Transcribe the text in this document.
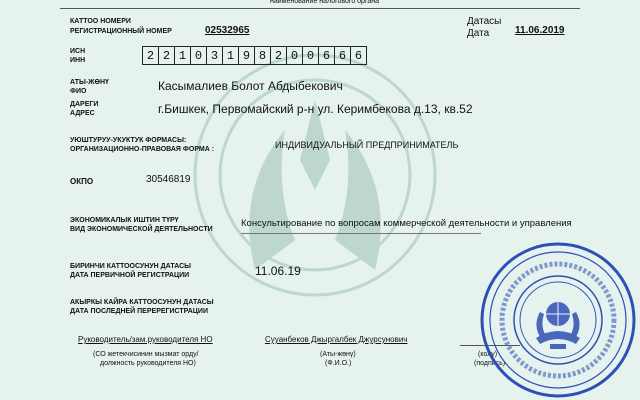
наименование налогового органа
КАТТОО НОМЕРИ
РЕГИСТРАЦИОННЫЙ НОМЕР	02532965
Датасы
Дата	11.06.2019
ИСН
ИНН	2 2 1 0 3 1 9 8 2 0 0 6 6 6
АТЫ-ЖӨНҮ
ФИО	Касымалиев Болот Абдыбекович
ДАРЕГИ
АДРЕС	г.Бишкек, Первомайский р-н ул. Керимбекова д.13, кв.52
УЮШТУРУУ-УКУКТУК ФОРМАСЫ:
ОРГАНИЗАЦИОННО-ПРАВОВАЯ ФОРМА :	ИНДИВИДУАЛЬНЫЙ ПРЕДПРИНИМАТЕЛЬ
ОКПО	30546819
ЭКОНОМИКАЛЫК ИШТИН ТҮРҮ
ВИД ЭКОНОМИЧЕСКОЙ ДЕЯТЕЛЬНОСТИ
Консультирование по вопросам коммерческой деятельности и управления
БИРИНЧИ КАТТООСУНУН ДАТАСЫ
ДАТА ПЕРВИЧНОЙ РЕГИСТРАЦИИ	11.06.19
АКЫРКЫ КАЙРА КАТТООСУНУН ДАТАСЫ
ДАТА ПОСЛЕДНЕЙ ПЕРЕРЕГИСТРАЦИИ
Руководитель/зам.руководителя НО
(СО жетекчисинин мызмат орду/
должность руководителя НО)
Сууанбеков Джыргалбек Джурсунович
(Аты-жөнү)
(Ф.И.О.)
(колу)
(подпись)
